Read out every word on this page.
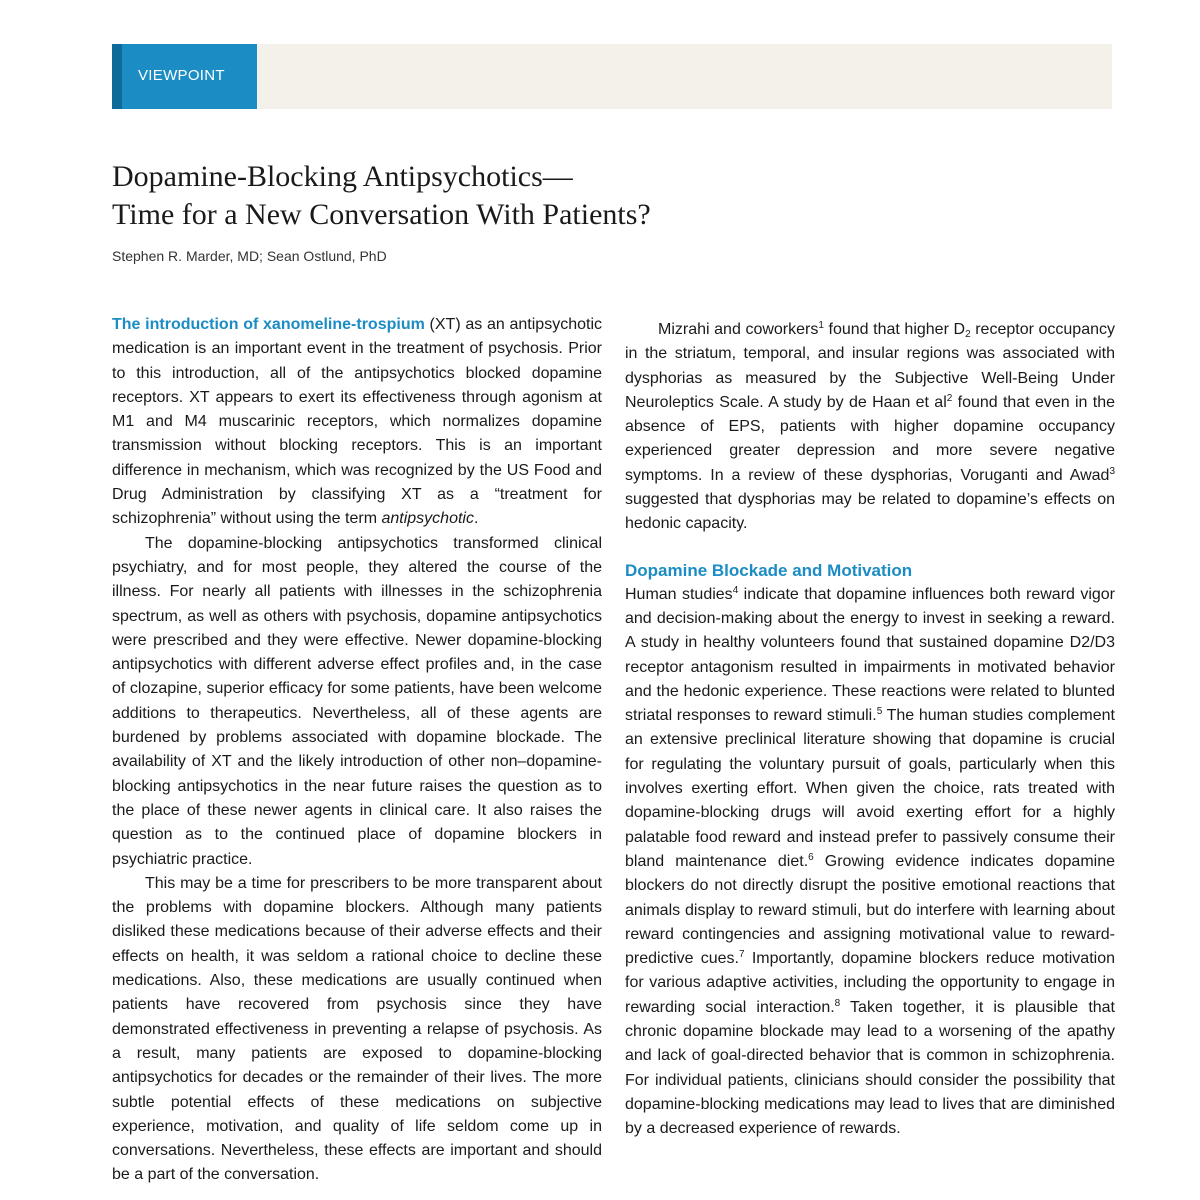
VIEWPOINT
Dopamine-Blocking Antipsychotics—
Time for a New Conversation With Patients?
Stephen R. Marder, MD; Sean Ostlund, PhD

The introduction of xanomeline-trospium (XT) as an antipsychotic medication is an important event in the treatment of psychosis. Prior to this introduction, all of the antipsychotics blocked dopamine receptors. XT appears to exert its effectiveness through agonism at M1 and M4 muscarinic receptors, which normalizes dopamine transmission without blocking receptors. This is an important difference in mechanism, which was recognized by the US Food and Drug Administration by classifying XT as a “treatment for schizophrenia” without using the term antipsychotic.

The dopamine-blocking antipsychotics transformed clinical psychiatry, and for most people, they altered the course of the illness. For nearly all patients with illnesses in the schizophrenia spectrum, as well as others with psychosis, dopamine antipsychotics were prescribed and they were effective. Newer dopamine-blocking antipsychotics with different adverse effect profiles and, in the case of clozapine, superior efficacy for some patients, have been welcome additions to therapeutics. Nevertheless, all of these agents are burdened by problems associated with dopamine blockade. The availability of XT and the likely introduction of other non–dopamine-blocking antipsychotics in the near future raises the question as to the place of these newer agents in clinical care. It also raises the question as to the continued place of dopamine blockers in psychiatric practice.

This may be a time for prescribers to be more transparent about the problems with dopamine blockers. Although many patients disliked these medications because of their adverse effects and their effects on health, it was seldom a rational choice to decline these medications. Also, these medications are usually continued when patients have recovered from psychosis since they have demonstrated effectiveness in preventing a relapse of psychosis. As a result, many patients are exposed to dopamine-blocking antipsychotics for decades or the remainder of their lives. The more subtle potential effects of these medications on subjective experience, motivation, and quality of life seldom come up in conversations. Nevertheless, these effects are important and should be a part of the conversation.

Mizrahi and coworkers$^1$ found that higher $D_2$ receptor occupancy in the striatum, temporal, and insular regions was associated with dysphorias as measured by the Subjective Well-Being Under Neuroleptics Scale. A study by de Haan et $al^2$ found that even in the absence of EPS, patients with higher dopamine occupancy experienced greater depression and more severe negative symptoms. In a review of these dysphorias, Voruganti and Awad$^3$ suggested that dysphorias may be related to dopamine’s effects on hedonic capacity.

Dopamine Blockade and Motivation

Human studies$^4$ indicate that dopamine influences both reward vigor and decision-making about the energy to invest in seeking a reward. A study in healthy volunteers found that sustained dopamine D2/D3 receptor antagonism resulted in impairments in motivated behavior and the hedonic experience. These reactions were related to blunted striatal responses to reward stimuli.$^5$ The human studies complement an extensive preclinical literature showing that dopamine is crucial for regulating the voluntary pursuit of goals, particularly when this involves exerting effort. When given the choice, rats treated with dopamine-blocking drugs will avoid exerting effort for a highly palatable food reward and instead prefer to passively consume their bland maintenance diet.$^6$ Growing evidence indicates dopamine blockers do not directly disrupt the positive emotional reactions that animals display to reward stimuli, but do interfere with learning about reward contingencies and assigning motivational value to reward-predictive cues.$^7$ Importantly, dopamine blockers reduce motivation for various adaptive activities, including the opportunity to engage in rewarding social interaction.$^8$ Taken together, it is plausible that chronic dopamine blockade may lead to a worsening of the apathy and lack of goal-directed behavior that is common in schizophrenia. For individual patients, clinicians should consider the possibility that dopamine-blocking medications may lead to lives that are diminished by a decreased experience of rewards.
